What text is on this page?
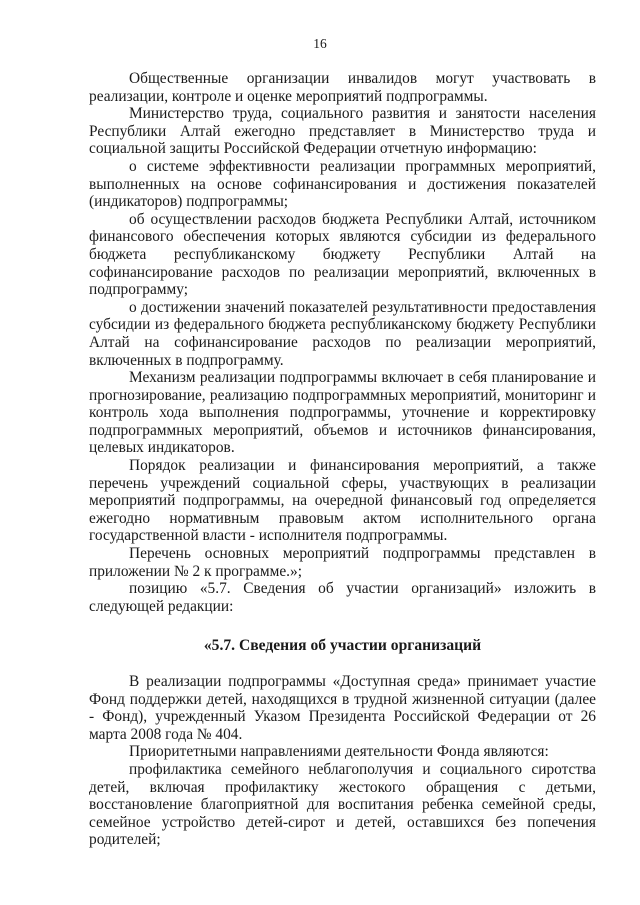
16

Общественные организации инвалидов могут участвовать в реализации, контроле и оценке мероприятий подпрограммы.

Министерство труда, социального развития и занятости населения Республики Алтай ежегодно представляет в Министерство труда и социальной защиты Российской Федерации отчетную информацию:

о системе эффективности реализации программных мероприятий, выполненных на основе софинансирования и достижения показателей (индикаторов) подпрограммы;

об осуществлении расходов бюджета Республики Алтай, источником финансового обеспечения которых являются субсидии из федерального бюджета республиканскому бюджету Республики Алтай на софинансирование расходов по реализации мероприятий, включенных в подпрограмму;

о достижении значений показателей результативности предоставления субсидии из федерального бюджета республиканскому бюджету Республики Алтай на софинансирование расходов по реализации мероприятий, включенных в подпрограмму.

Механизм реализации подпрограммы включает в себя планирование и прогнозирование, реализацию подпрограммных мероприятий, мониторинг и контроль хода выполнения подпрограммы, уточнение и корректировку подпрограммных мероприятий, объемов и источников финансирования, целевых индикаторов.

Порядок реализации и финансирования мероприятий, а также перечень учреждений социальной сферы, участвующих в реализации мероприятий подпрограммы, на очередной финансовый год определяется ежегодно нормативным правовым актом исполнительного органа государственной власти - исполнителя подпрограммы.

Перечень основных мероприятий подпрограммы представлен в приложении № 2 к программе.»;

позицию «5.7. Сведения об участии организаций» изложить в следующей редакции:

«5.7. Сведения об участии организаций

В реализации подпрограммы «Доступная среда» принимает участие Фонд поддержки детей, находящихся в трудной жизненной ситуации (далее - Фонд), учрежденный Указом Президента Российской Федерации от 26 марта 2008 года № 404.

Приоритетными направлениями деятельности Фонда являются:

профилактика семейного неблагополучия и социального сиротства детей, включая профилактику жестокого обращения с детьми, восстановление благоприятной для воспитания ребенка семейной среды, семейное устройство детей-сирот и детей, оставшихся без попечения родителей;
